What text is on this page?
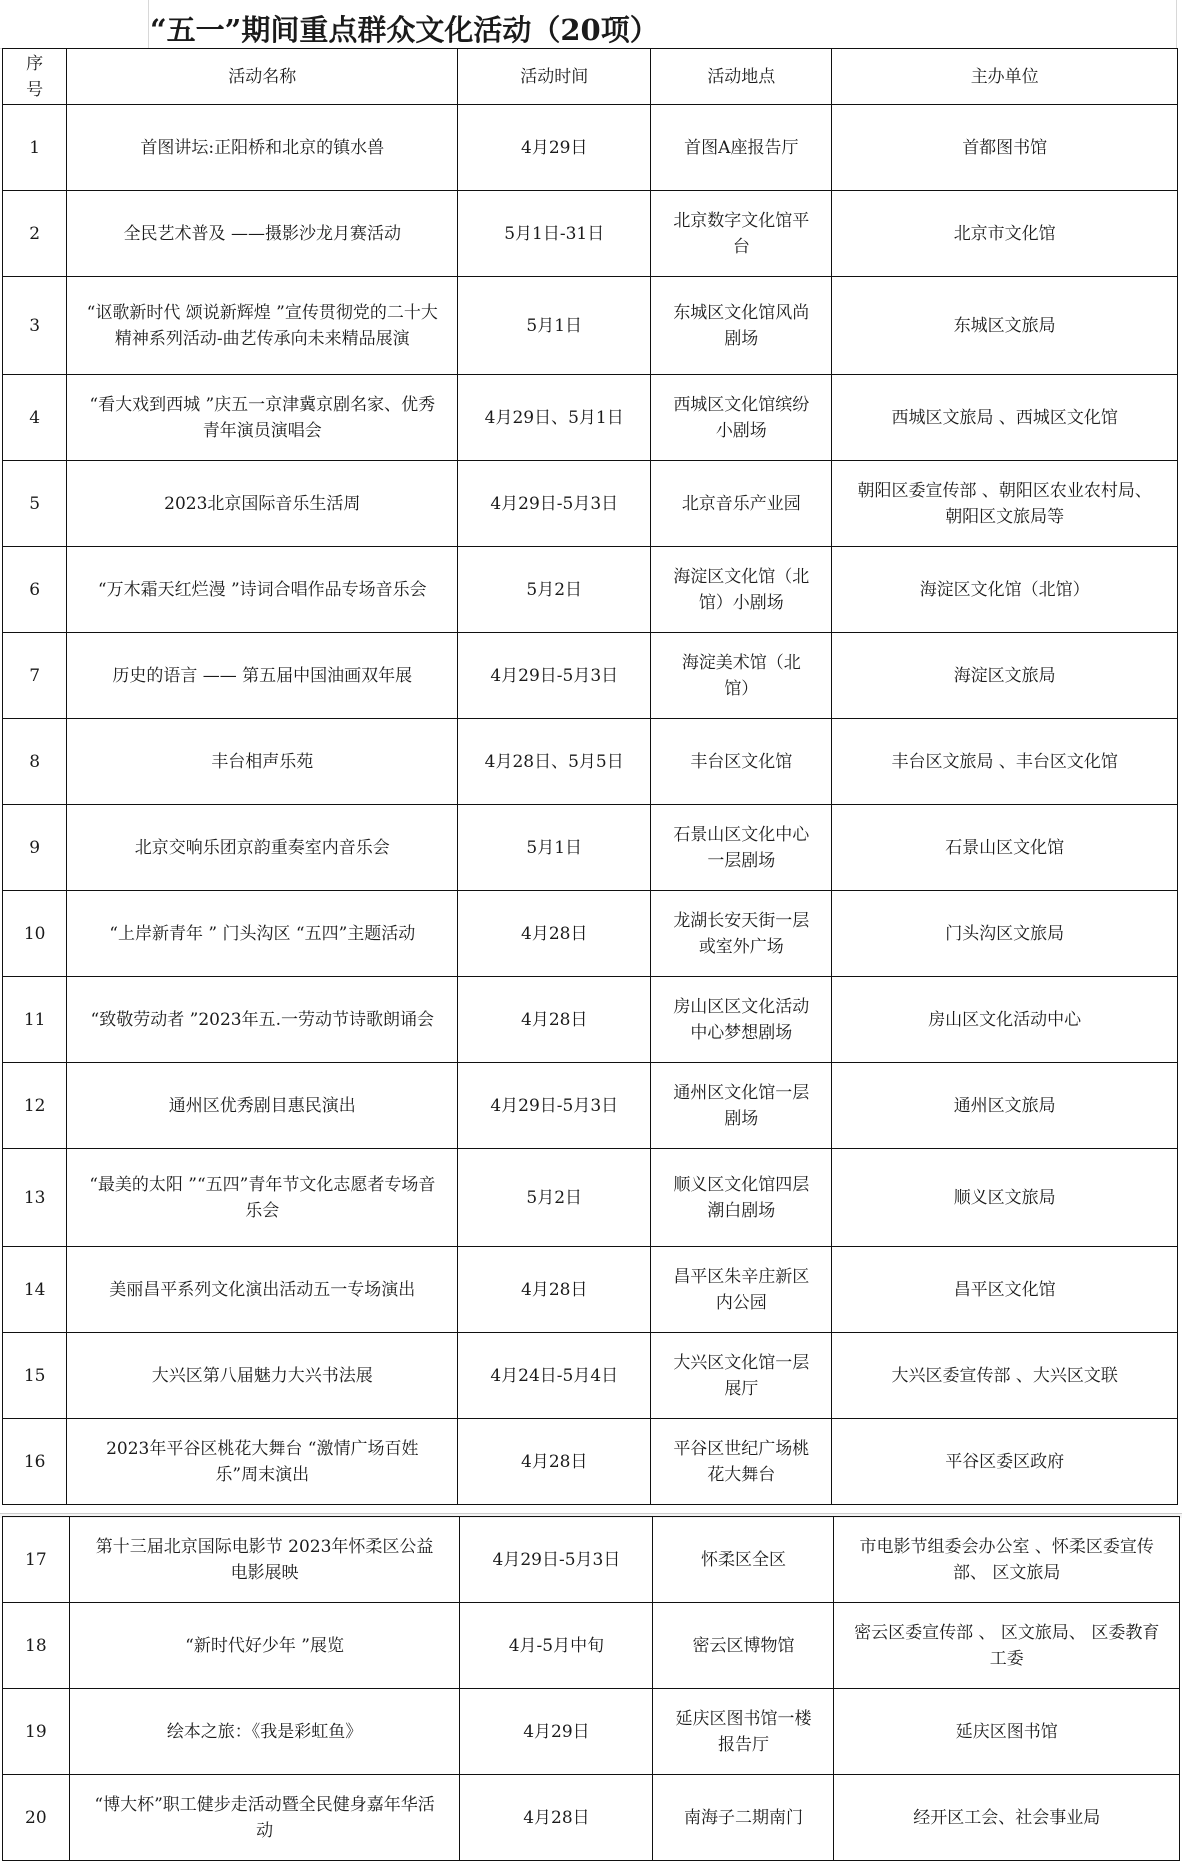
“五一”期间重点群众文化活动（20项）
序号	活动名称	活动时间	活动地点	主办单位
1	首图讲坛:正阳桥和北京的镇水兽	4月29日	首图A座报告厅	首都图书馆
2	全民艺术普及 ——摄影沙龙月赛活动	5月1日-31日	北京数字文化馆平台	北京市文化馆
3	“讴歌新时代 颂说新辉煌 ”宣传贯彻党的二十大精神系列活动-曲艺传承向未来精品展演	5月1日	东城区文化馆风尚剧场	东城区文旅局
4	“看大戏到西城 ”庆五一京津冀京剧名家、优秀青年演员演唱会	4月29日、5月1日	西城区文化馆缤纷小剧场	西城区文旅局 、西城区文化馆
5	2023北京国际音乐生活周	4月29日-5月3日	北京音乐产业园	朝阳区委宣传部 、朝阳区农业农村局、朝阳区文旅局等
6	“万木霜天红烂漫 ”诗词合唱作品专场音乐会	5月2日	海淀区文化馆（北馆）小剧场	海淀区文化馆（北馆）
7	历史的语言 —— 第五届中国油画双年展	4月29日-5月3日	海淀美术馆（北馆）	海淀区文旅局
8	丰台相声乐苑	4月28日、5月5日	丰台区文化馆	丰台区文旅局 、丰台区文化馆
9	北京交响乐团京韵重奏室内音乐会	5月1日	石景山区文化中心一层剧场	石景山区文化馆
10	“上岸新青年 ” 门头沟区 “五四”主题活动	4月28日	龙湖长安天街一层或室外广场	门头沟区文旅局
11	“致敬劳动者 ”2023年五.一劳动节诗歌朗诵会	4月28日	房山区区文化活动中心梦想剧场	房山区文化活动中心
12	通州区优秀剧目惠民演出	4月29日-5月3日	通州区文化馆一层剧场	通州区文旅局
13	“最美的太阳 ”“五四”青年节文化志愿者专场音乐会	5月2日	顺义区文化馆四层潮白剧场	顺义区文旅局
14	美丽昌平系列文化演出活动五一专场演出	4月28日	昌平区朱辛庄新区内公园	昌平区文化馆
15	大兴区第八届魅力大兴书法展	4月24日-5月4日	大兴区文化馆一层展厅	大兴区委宣传部 、大兴区文联
16	2023年平谷区桃花大舞台 “激情广场百姓乐”周末演出	4月28日	平谷区世纪广场桃花大舞台	平谷区委区政府
17	第十三届北京国际电影节 2023年怀柔区公益电影展映	4月29日-5月3日	怀柔区全区	市电影节组委会办公室 、怀柔区委宣传部、 区文旅局
18	“新时代好少年 ”展览	4月-5月中旬	密云区博物馆	密云区委宣传部 、 区文旅局、 区委教育工委
19	绘本之旅：《我是彩虹鱼》	4月29日	延庆区图书馆一楼报告厅	延庆区图书馆
20	“博大杯”职工健步走活动暨全民健身嘉年华活动	4月28日	南海子二期南门	经开区工会、社会事业局
